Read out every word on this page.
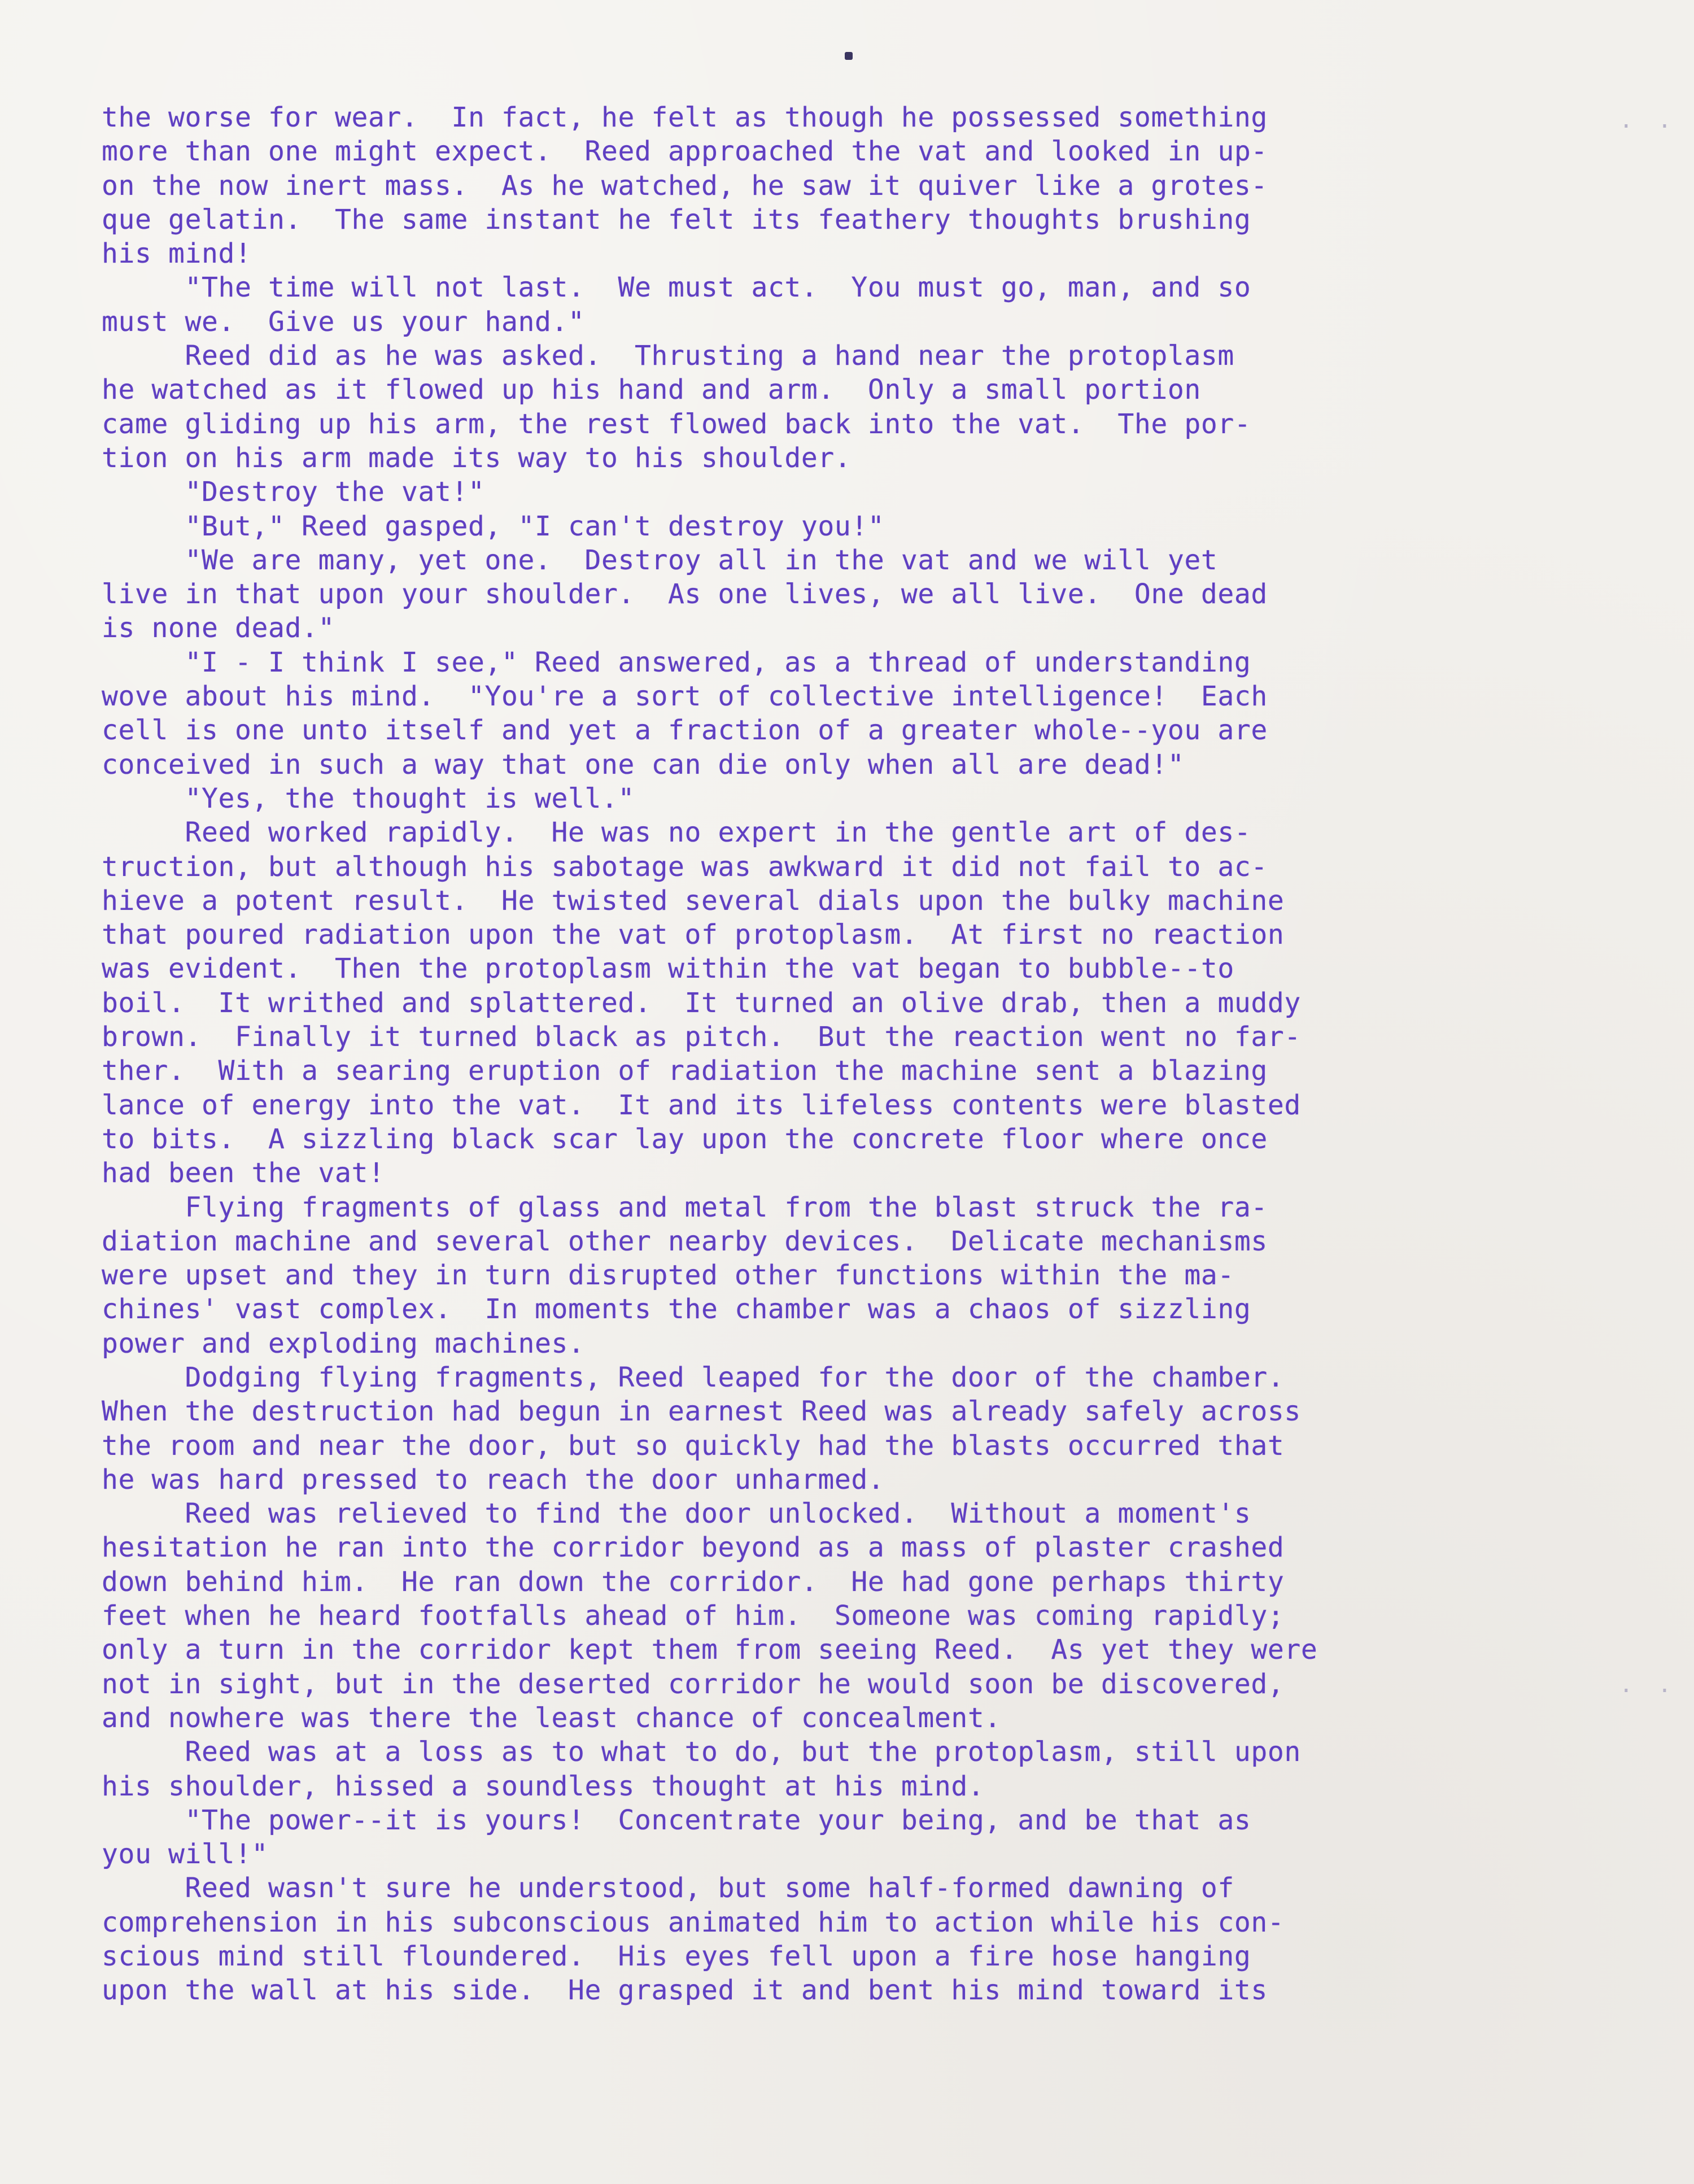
. .
. .
the worse for wear.  In fact, he felt as though he possessed something
more than one might expect.  Reed approached the vat and looked in up-
on the now inert mass.  As he watched, he saw it quiver like a grotes-
que gelatin.  The same instant he felt its feathery thoughts brushing
his mind!
"The time will not last.  We must act.  You must go, man, and so
must we.  Give us your hand."
Reed did as he was asked.  Thrusting a hand near the protoplasm
he watched as it flowed up his hand and arm.  Only a small portion
came gliding up his arm, the rest flowed back into the vat.  The por-
tion on his arm made its way to his shoulder.
"Destroy the vat!"
"But," Reed gasped, "I can't destroy you!"
"We are many, yet one.  Destroy all in the vat and we will yet
live in that upon your shoulder.  As one lives, we all live.  One dead
is none dead."
"I - I think I see," Reed answered, as a thread of understanding
wove about his mind.  "You're a sort of collective intelligence!  Each
cell is one unto itself and yet a fraction of a greater whole--you are
conceived in such a way that one can die only when all are dead!"
"Yes, the thought is well."
Reed worked rapidly.  He was no expert in the gentle art of des-
truction, but although his sabotage was awkward it did not fail to ac-
hieve a potent result.  He twisted several dials upon the bulky machine
that poured radiation upon the vat of protoplasm.  At first no reaction
was evident.  Then the protoplasm within the vat began to bubble--to
boil.  It writhed and splattered.  It turned an olive drab, then a muddy
brown.  Finally it turned black as pitch.  But the reaction went no far-
ther.  With a searing eruption of radiation the machine sent a blazing
lance of energy into the vat.  It and its lifeless contents were blasted
to bits.  A sizzling black scar lay upon the concrete floor where once
had been the vat!
Flying fragments of glass and metal from the blast struck the ra-
diation machine and several other nearby devices.  Delicate mechanisms
were upset and they in turn disrupted other functions within the ma-
chines' vast complex.  In moments the chamber was a chaos of sizzling
power and exploding machines.
Dodging flying fragments, Reed leaped for the door of the chamber.
When the destruction had begun in earnest Reed was already safely across
the room and near the door, but so quickly had the blasts occurred that
he was hard pressed to reach the door unharmed.
Reed was relieved to find the door unlocked.  Without a moment's
hesitation he ran into the corridor beyond as a mass of plaster crashed
down behind him.  He ran down the corridor.  He had gone perhaps thirty
feet when he heard footfalls ahead of him.  Someone was coming rapidly;
only a turn in the corridor kept them from seeing Reed.  As yet they were
not in sight, but in the deserted corridor he would soon be discovered,
and nowhere was there the least chance of concealment.
Reed was at a loss as to what to do, but the protoplasm, still upon
his shoulder, hissed a soundless thought at his mind.
"The power--it is yours!  Concentrate your being, and be that as
you will!"
Reed wasn't sure he understood, but some half-formed dawning of
comprehension in his subconscious animated him to action while his con-
scious mind still floundered.  His eyes fell upon a fire hose hanging
upon the wall at his side.  He grasped it and bent his mind toward its
